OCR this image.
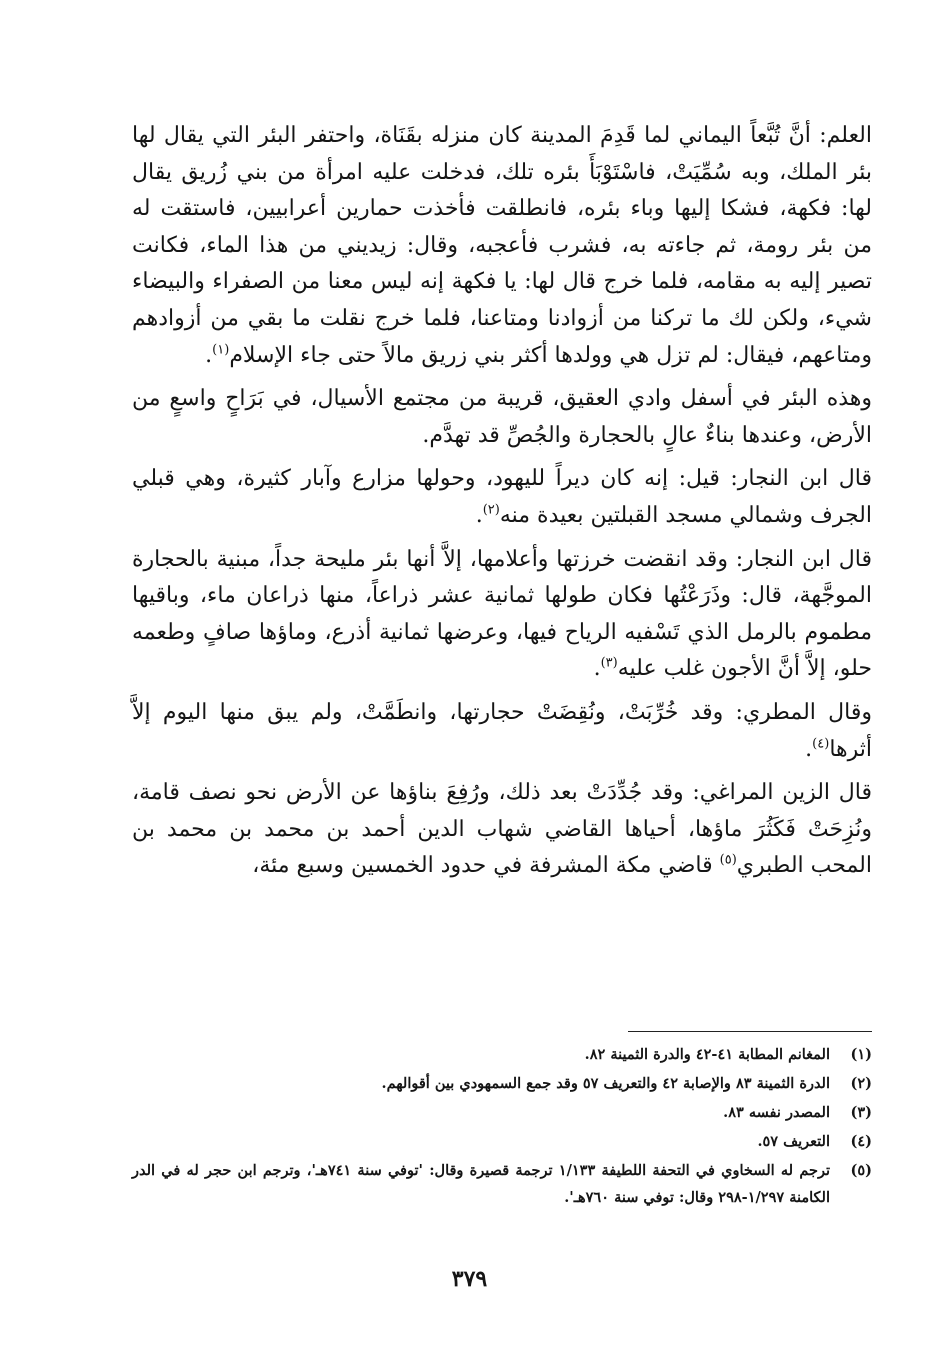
العلم: أنَّ تُبَّعاً اليماني لما قَدِمَ المدينة كان منزله بقَنَاة، واحتفر البئر التي يقال لها بئر الملك، وبه سُمِّيَتْ، فاسْتَوْبَأَ بئره تلك، فدخلت عليه امرأة من بني زُريق يقال لها: فكهة، فشكا إليها وباء بئره، فانطلقت فأخذت حمارين أعرابيين، فاستقت له من بئر رومة، ثم جاءته به، فشرب فأعجبه، وقال: زيديني من هذا الماء، فكانت تصير إليه به مقامه، فلما خرج قال لها: يا فكهة إنه ليس معنا من الصفراء والبيضاء شيء، ولكن لك ما تركنا من أزوادنا ومتاعنا، فلما خرج نقلت ما بقي من أزوادهم ومتاعهم، فيقال: لم تزل هي وولدها أكثر بني زريق مالاً حتى جاء الإسلام$^{(١)}$.

وهذه البئر في أسفل وادي العقيق، قريبة من مجتمع الأسيال، في بَرَاحٍ واسعٍ من الأرض، وعندها بناءٌ عالٍ بالحجارة والجُصِّ قد تهدَّم.

قال ابن النجار: قيل: إنه كان ديراً لليهود، وحولها مزارع وآبار كثيرة، وهي قبلي الجرف وشمالي مسجد القبلتين بعيدة منه$^{(٢)}$.

قال ابن النجار: وقد انقضت خرزتها وأعلامها، إلاَّ أنها بئر مليحة جداً، مبنية بالحجارة الموجَّهة، قال: وذَرَعْتُها فكان طولها ثمانية عشر ذراعاً، منها ذراعان ماء، وباقيها مطموم بالرمل الذي تَسْفيه الرياح فيها، وعرضها ثمانية أذرع، وماؤها صافٍ وطعمه حلو، إلاَّ أنَّ الأجون غلب عليه$^{(٣)}$.

وقال المطري: وقد خُرِّبَتْ، ونُقِضَتْ حجارتها، وانطَمَّتْ، ولم يبق منها اليوم إلاَّ أثرها$^{(٤)}$.

قال الزين المراغي: وقد جُدِّدَتْ بعد ذلك، ورُفِعَ بناؤها عن الأرض نحو نصف قامة، ونُزِحَتْ فَكَثُرَ ماؤها، أحياها القاضي شهاب الدين أحمد بن محمد بن محمد بن المحب الطبري$^{(٥)}$ قاضي مكة المشرفة في حدود الخمسين وسبع مئة،

(١)
المغانم المطابة ٤١-٤٢ والدرة الثمينة ٨٢.
(٢)
الدرة الثمينة ٨٣ والإصابة ٤٢ والتعريف ٥٧ وقد جمع السمهودي بين أقوالهم.
(٣)
المصدر نفسه ٨٣.
(٤)
التعريف ٥٧.
(٥)
ترجم له السخاوي في التحفة اللطيفة ١/١٣٣ ترجمة قصيرة وقال: 'توفي سنة ٧٤١هـ'، وترجم ابن حجر له في الدر الكامنة ١/٢٩٧-٢٩٨ وقال: توفي سنة ٧٦٠هـ'.
٣٧٩
